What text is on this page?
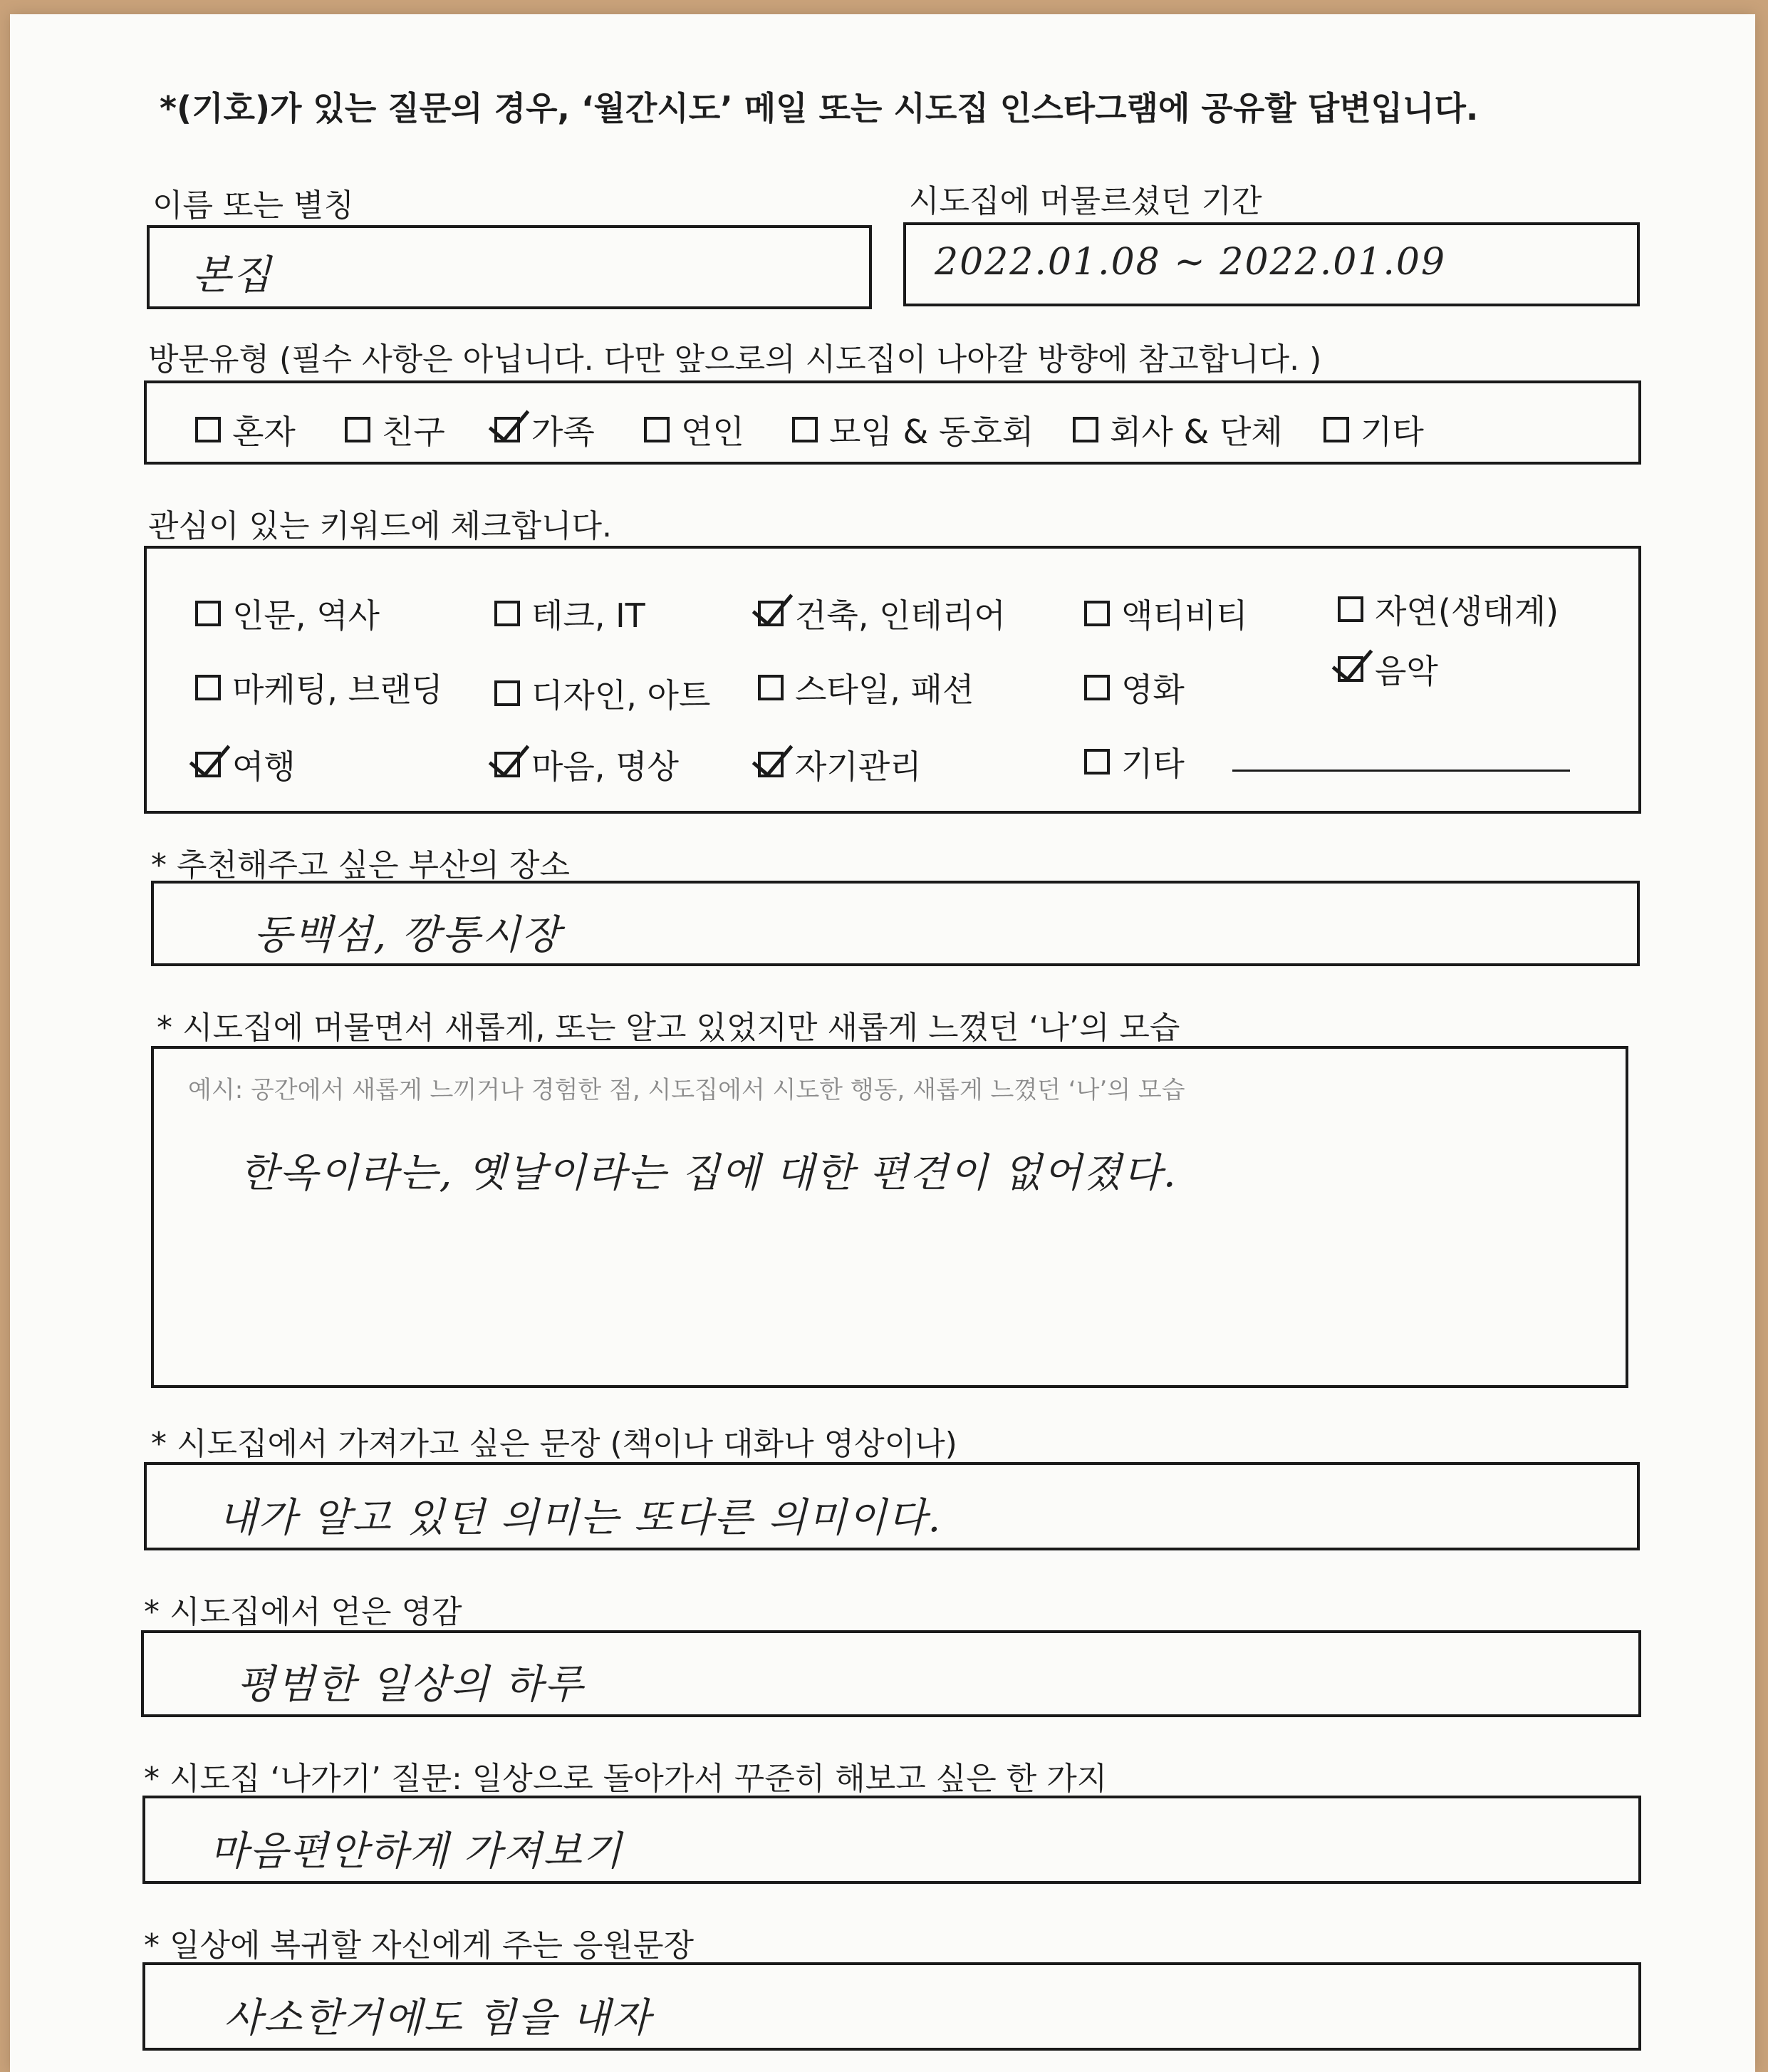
*(기호)가 있는 질문의 경우, ‘월간시도’ 메일 또는 시도집 인스타그램에 공유할 답변입니다.
이름 또는 별칭
본집
시도집에 머물르셨던 기간
2022.01.08 ~ 2022.01.09
방문유형 (필수 사항은 아닙니다. 다만 앞으로의 시도집이 나아갈 방향에 참고합니다. )
혼자	친구	가족	연인	모임 & 동호회 회사 & 단체 기타
관심이 있는 키워드에 체크합니다.
인문, 역사	테크, IT	건축, 인테리어	액티비티	자연(생태계)
마케팅, 브랜딩	디자인, 아트	스타일, 패션	영화	음악
여행	마음, 명상	자기관리	기타
* 추천해주고 싶은 부산의 장소
동백섬, 깡통시장
* 시도집에 머물면서 새롭게, 또는 알고 있었지만 새롭게 느꼈던 ‘나’의 모습
예시: 공간에서 새롭게 느끼거나 경험한 점, 시도집에서 시도한 행동, 새롭게 느꼈던 ‘나’의 모습
한옥이라는, 옛날이라는 집에 대한 편견이 없어졌다.
* 시도집에서 가져가고 싶은 문장 (책이나 대화나 영상이나)
내가 알고 있던 의미는 또다른 의미이다.
* 시도집에서 얻은 영감
평범한 일상의 하루
* 시도집 ‘나가기’ 질문: 일상으로 돌아가서 꾸준히 해보고 싶은 한 가지
마음편안하게 가져보기
* 일상에 복귀할 자신에게 주는 응원문장
사소한거에도 힘을 내자
